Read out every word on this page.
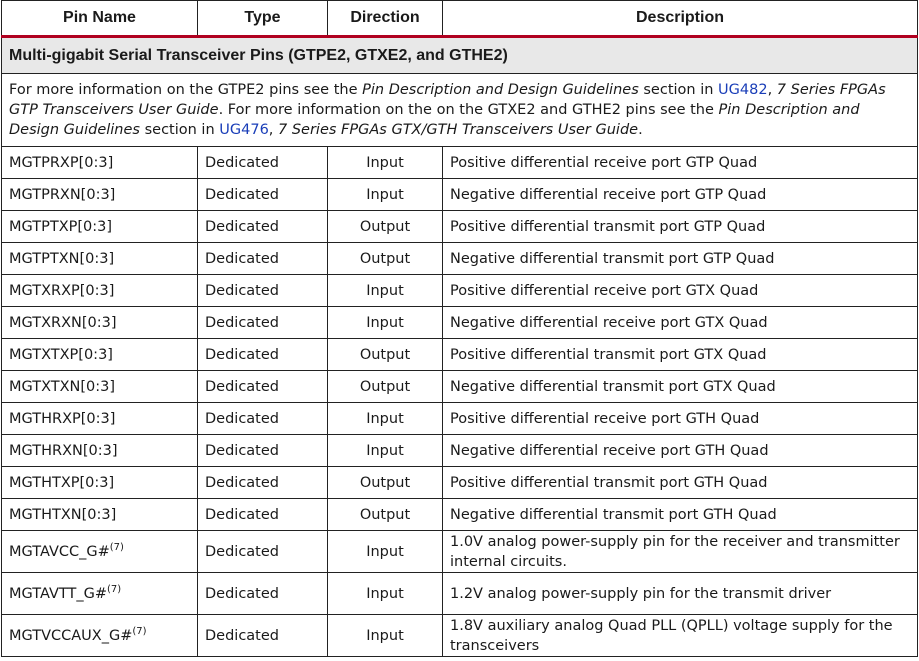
Pin Name	Type	Direction	Description
Multi-gigabit Serial Transceiver Pins (GTPE2, GTXE2, and GTHE2)			
For more information on the GTPE2 pins see the Pin Description and Design Guidelines section in UG482, 7 Series FPGAs GTP Transceivers User Guide. For more information on the on the GTXE2 and GTHE2 pins see the Pin Description and Design Guidelines section in UG476, 7 Series FPGAs GTX/GTH Transceivers User Guide.			
MGTPRXP[0:3]	Dedicated	Input	Positive differential receive port GTP Quad
MGTPRXN[0:3]	Dedicated	Input	Negative differential receive port GTP Quad
MGTPTXP[0:3]	Dedicated	Output	Positive differential transmit port GTP Quad
MGTPTXN[0:3]	Dedicated	Output	Negative differential transmit port GTP Quad
MGTXRXP[0:3]	Dedicated	Input	Positive differential receive port GTX Quad
MGTXRXN[0:3]	Dedicated	Input	Negative differential receive port GTX Quad
MGTXTXP[0:3]	Dedicated	Output	Positive differential transmit port GTX Quad
MGTXTXN[0:3]	Dedicated	Output	Negative differential transmit port GTX Quad
MGTHRXP[0:3]	Dedicated	Input	Positive differential receive port GTH Quad
MGTHRXN[0:3]	Dedicated	Input	Negative differential receive port GTH Quad
MGTHTXP[0:3]	Dedicated	Output	Positive differential transmit port GTH Quad
MGTHTXN[0:3]	Dedicated	Output	Negative differential transmit port GTH Quad
MGTAVCC_G#$^{(7)}$	Dedicated	Input	1.0V analog power-supply pin for the receiver and transmitter internal circuits.
MGTAVTT_G#$^{(7)}$	Dedicated	Input	1.2V analog power-supply pin for the transmit driver
MGTVCCAUX_G#$^{(7)}$	Dedicated	Input	1.8V auxiliary analog Quad PLL (QPLL) voltage supply for the transceivers
